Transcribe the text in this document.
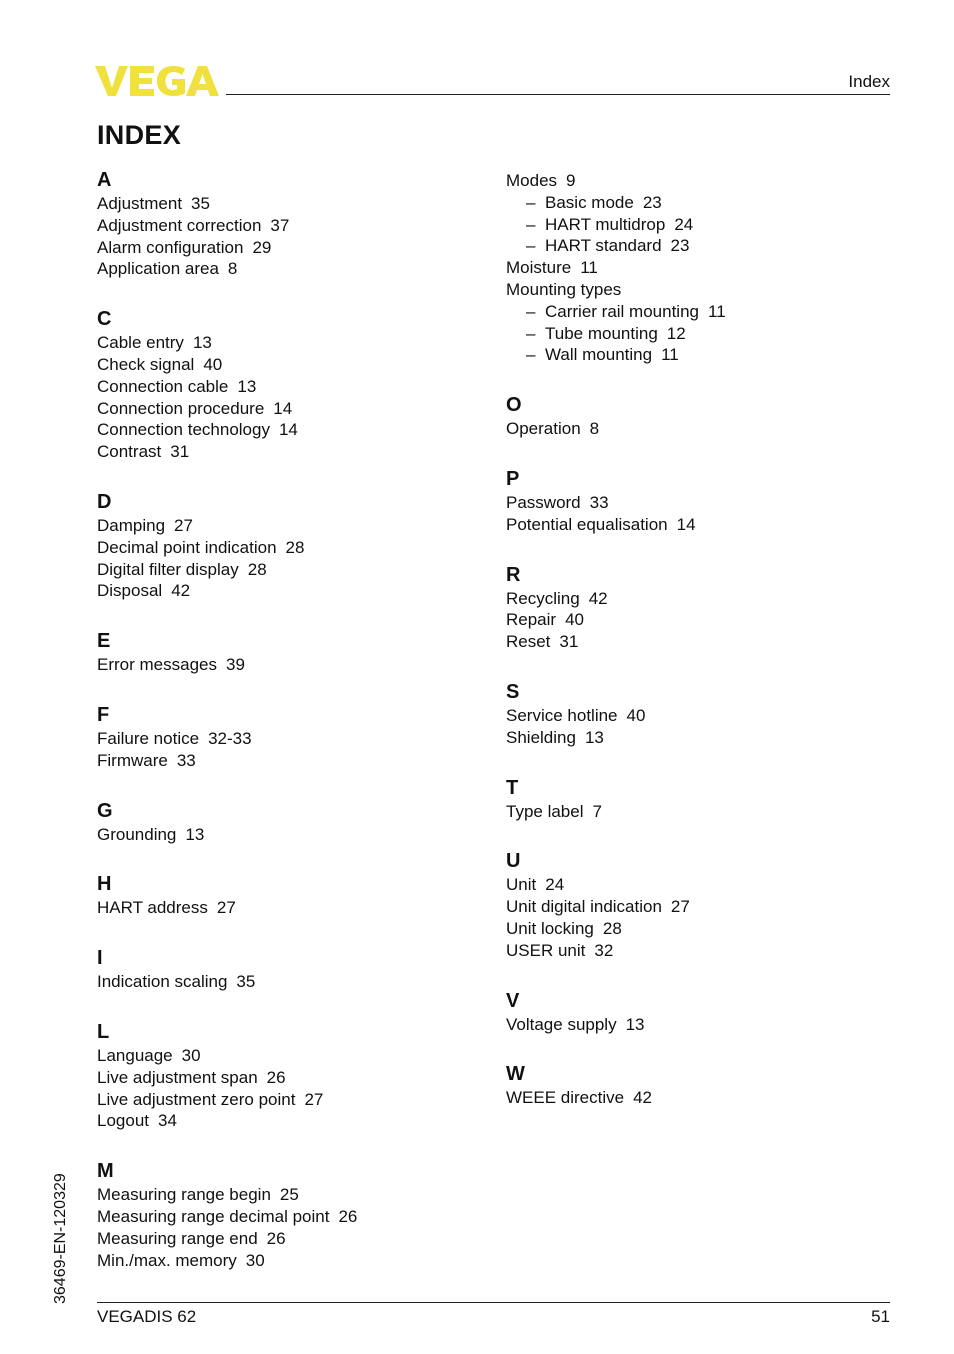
Index
INDEX
A
Adjustment 35
Adjustment correction 37
Alarm configuration 29
Application area 8
C
Cable entry 13
Check signal 40
Connection cable 13
Connection procedure 14
Connection technology 14
Contrast 31
D
Damping 27
Decimal point indication 28
Digital filter display 28
Disposal 42
E
Error messages 39
F
Failure notice 32-33
Firmware 33
G
Grounding 13
H
HART address 27
I
Indication scaling 35
L
Language 30
Live adjustment span 26
Live adjustment zero point 27
Logout 34
M
Measuring range begin 25
Measuring range decimal point 26
Measuring range end 26
Min./max. memory 30
Modes 9
– Basic mode 23
– HART multidrop 24
– HART standard 23
Moisture 11
Mounting types
– Carrier rail mounting 11
– Tube mounting 12
– Wall mounting 11
O
Operation 8
P
Password 33
Potential equalisation 14
R
Recycling 42
Repair 40
Reset 31
S
Service hotline 40
Shielding 13
T
Type label 7
U
Unit 24
Unit digital indication 27
Unit locking 28
USER unit 32
V
Voltage supply 13
W
WEEE directive 42
VEGADIS 62	51
36469-EN-120329
